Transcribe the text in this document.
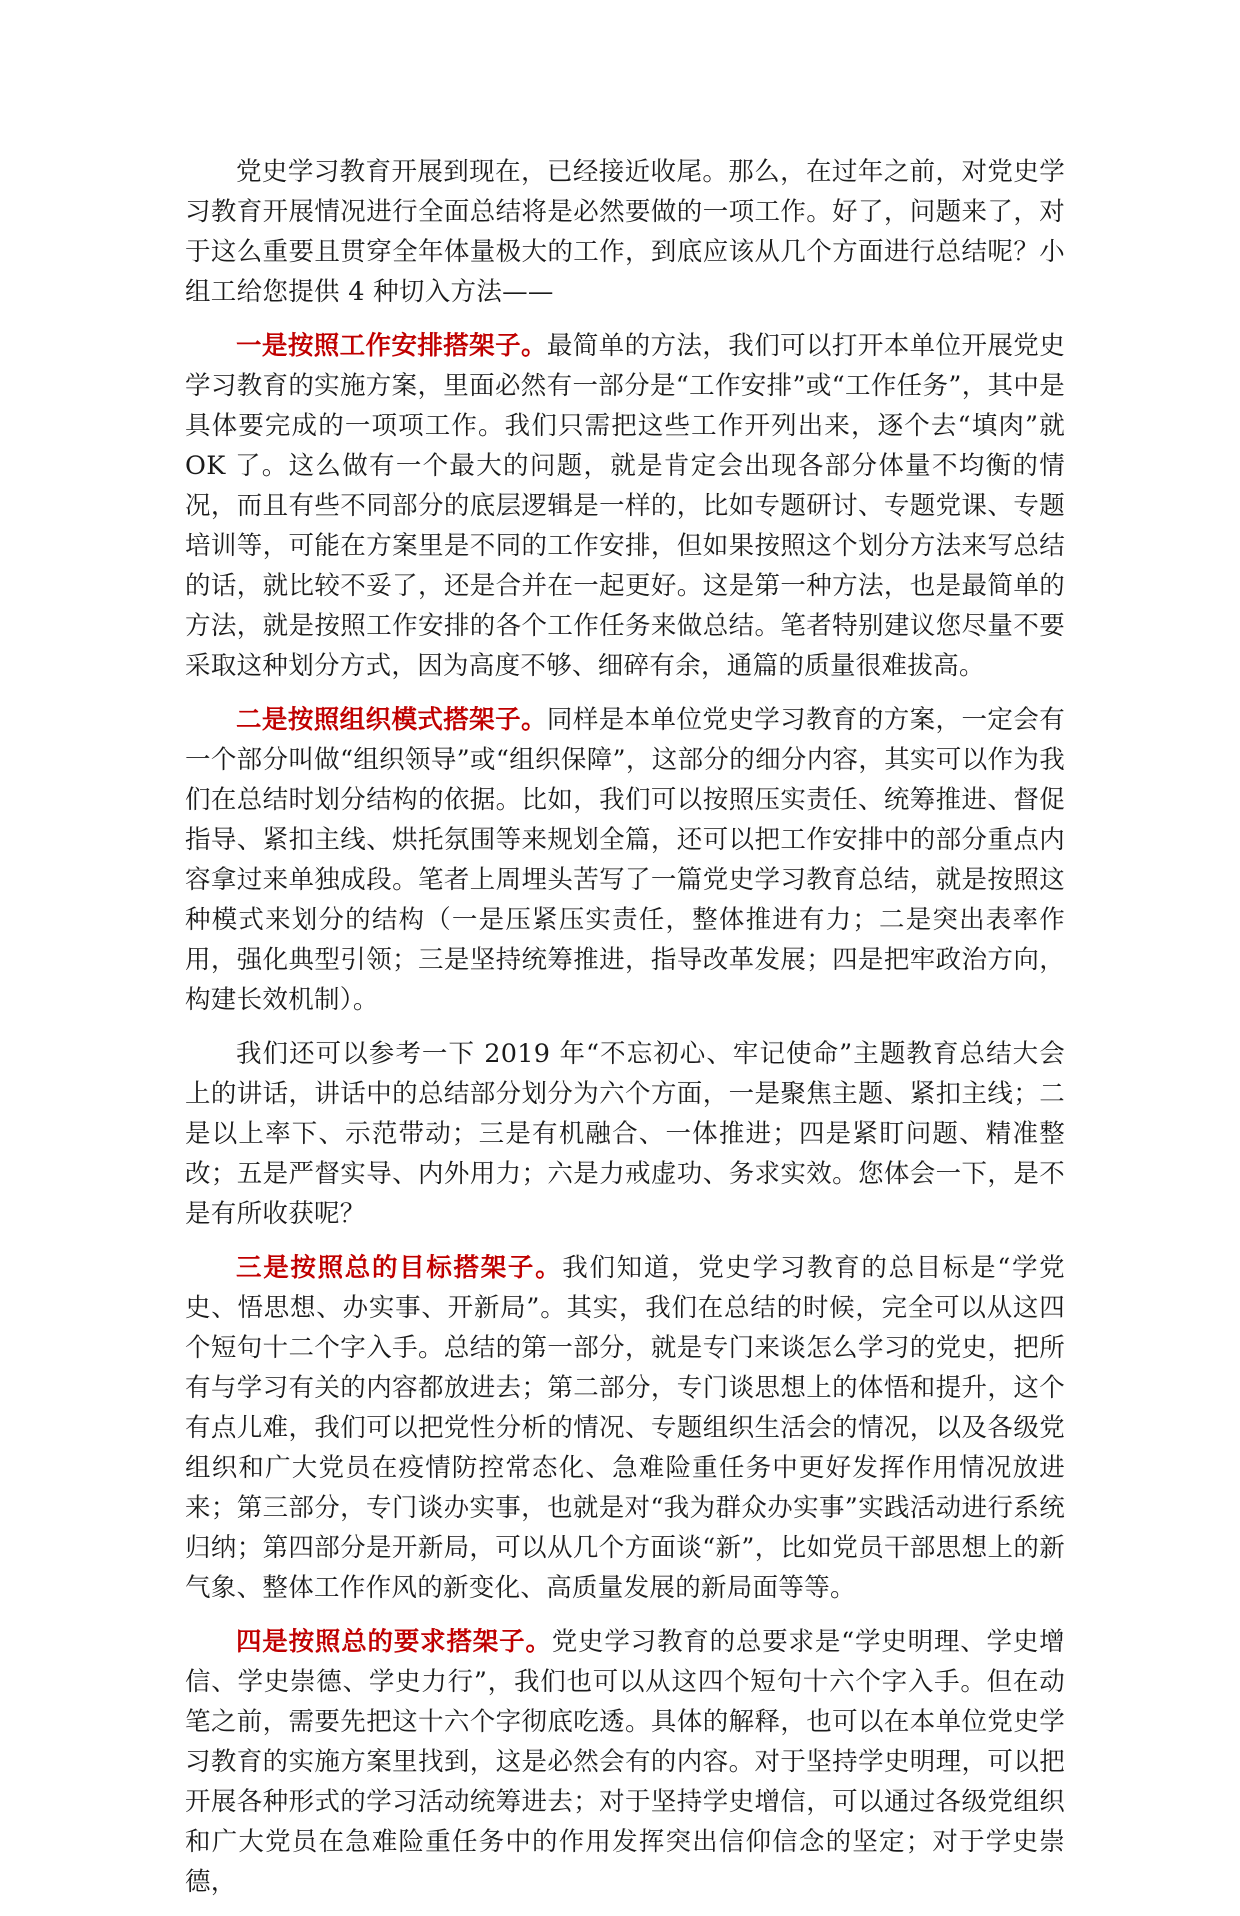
党史学习教育开展到现在，已经接近收尾。那么，在过年之前，对党史学习教育开展情况进行全面总结将是必然要做的一项工作。好了，问题来了，对于这么重要且贯穿全年体量极大的工作，到底应该从几个方面进行总结呢？小组工给您提供 4 种切入方法——

一是按照工作安排搭架子。最简单的方法，我们可以打开本单位开展党史学习教育的实施方案，里面必然有一部分是“工作安排”或“工作任务”，其中是具体要完成的一项项工作。我们只需把这些工作开列出来，逐个去“填肉”就 OK 了。这么做有一个最大的问题，就是肯定会出现各部分体量不均衡的情况，而且有些不同部分的底层逻辑是一样的，比如专题研讨、专题党课、专题培训等，可能在方案里是不同的工作安排，但如果按照这个划分方法来写总结的话，就比较不妥了，还是合并在一起更好。这是第一种方法，也是最简单的方法，就是按照工作安排的各个工作任务来做总结。笔者特别建议您尽量不要采取这种划分方式，因为高度不够、细碎有余，通篇的质量很难拔高。

二是按照组织模式搭架子。同样是本单位党史学习教育的方案，一定会有一个部分叫做“组织领导”或“组织保障”，这部分的细分内容，其实可以作为我们在总结时划分结构的依据。比如，我们可以按照压实责任、统筹推进、督促指导、紧扣主线、烘托氛围等来规划全篇，还可以把工作安排中的部分重点内容拿过来单独成段。笔者上周埋头苦写了一篇党史学习教育总结，就是按照这种模式来划分的结构（一是压紧压实责任，整体推进有力；二是突出表率作用，强化典型引领；三是坚持统筹推进，指导改革发展；四是把牢政治方向，构建长效机制）。

我们还可以参考一下 2019 年“不忘初心、牢记使命”主题教育总结大会上的讲话，讲话中的总结部分划分为六个方面，一是聚焦主题、紧扣主线；二是以上率下、示范带动；三是有机融合、一体推进；四是紧盯问题、精准整改；五是严督实导、内外用力；六是力戒虚功、务求实效。您体会一下，是不是有所收获呢？

三是按照总的目标搭架子。我们知道，党史学习教育的总目标是“学党史、悟思想、办实事、开新局”。其实，我们在总结的时候，完全可以从这四个短句十二个字入手。总结的第一部分，就是专门来谈怎么学习的党史，把所有与学习有关的内容都放进去；第二部分，专门谈思想上的体悟和提升，这个有点儿难，我们可以把党性分析的情况、专题组织生活会的情况，以及各级党组织和广大党员在疫情防控常态化、急难险重任务中更好发挥作用情况放进来；第三部分，专门谈办实事，也就是对“我为群众办实事”实践活动进行系统归纳；第四部分是开新局，可以从几个方面谈“新”，比如党员干部思想上的新气象、整体工作作风的新变化、高质量发展的新局面等等。

四是按照总的要求搭架子。党史学习教育的总要求是“学史明理、学史增信、学史崇德、学史力行”，我们也可以从这四个短句十六个字入手。但在动笔之前，需要先把这十六个字彻底吃透。具体的解释，也可以在本单位党史学习教育的实施方案里找到，这是必然会有的内容。对于坚持学史明理，可以把开展各种形式的学习活动统筹进去；对于坚持学史增信，可以通过各级党组织和广大党员在急难险重任务中的作用发挥突出信仰信念的坚定；对于学史崇德，
